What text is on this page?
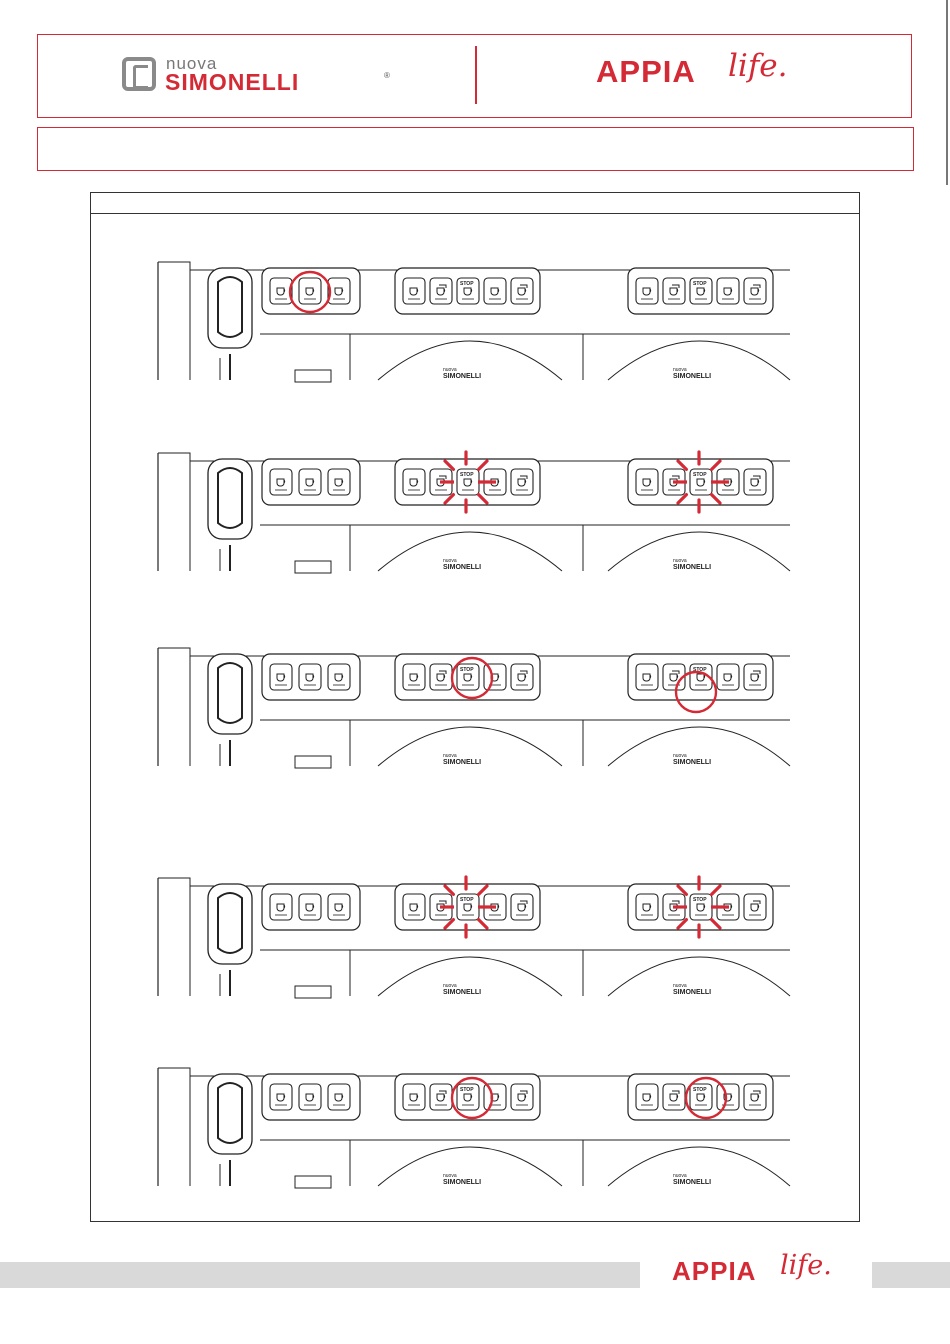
nuova
SIMONELLI	®	APPIA life.
STOP	STOP
nuova
SIMONELLI
nuova
SIMONELLI
STOP	STOP
nuova
SIMONELLI
nuova
SIMONELLI
STOP	STOP
nuova
SIMONELLI
nuova
SIMONELLI
STOP	STOP
nuova
SIMONELLI
nuova
SIMONELLI
STOP	STOP
nuova
SIMONELLI
nuova
SIMONELLI
APPIA life.
